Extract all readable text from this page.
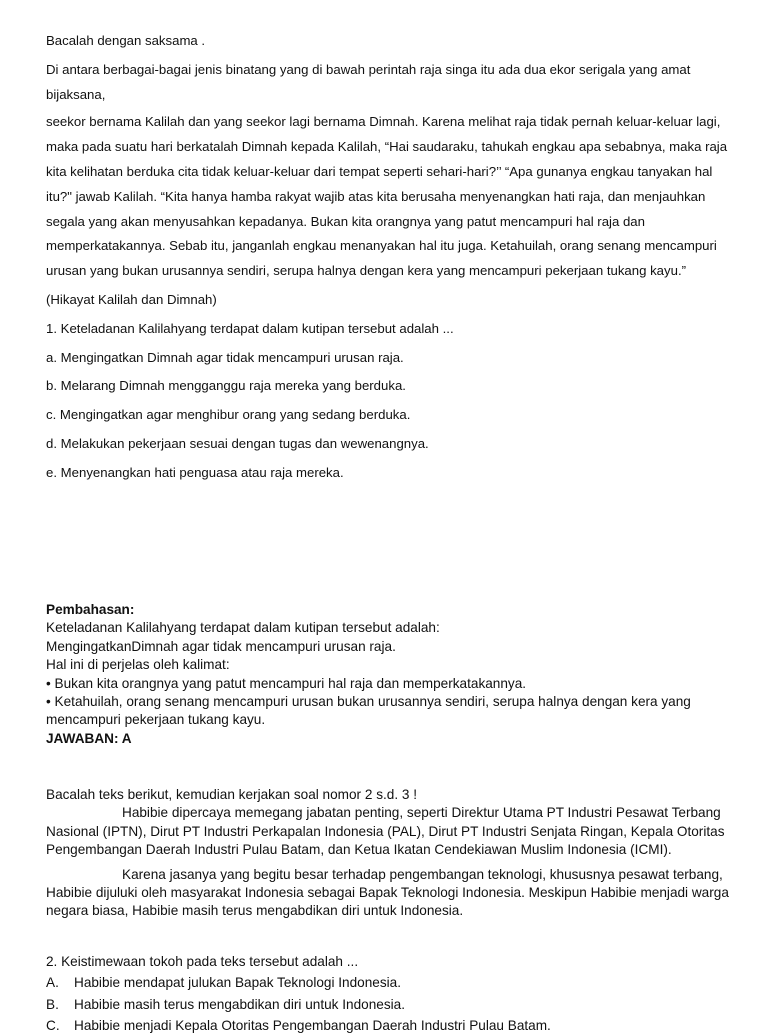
Bacalah dengan saksama .

Di antara berbagai-bagai jenis binatang yang di bawah perintah raja singa itu ada dua ekor serigala yang amat bijaksana,

seekor bernama Kalilah dan yang seekor lagi bernama Dimnah. Karena melihat raja tidak pernah keluar-keluar lagi, maka pada suatu hari berkatalah Dimnah kepada Kalilah, “Hai saudaraku, tahukah engkau apa sebabnya, maka raja kita kelihatan berduka cita tidak keluar-keluar dari tempat seperti sehari-hari?’’ “Apa gunanya engkau tanyakan hal itu?" jawab Kalilah. “Kita hanya hamba rakyat wajib atas kita berusaha menyenangkan hati raja, dan menjauhkan segala yang akan menyusahkan kepadanya. Bukan kita orangnya yang patut mencampuri hal raja dan memperkatakannya. Sebab itu, janganlah engkau menanyakan hal itu juga. Ketahuilah, orang senang mencampuri urusan yang bukan urusannya sendiri, serupa halnya dengan kera yang mencampuri pekerjaan tukang kayu.”

(Hikayat Kalilah dan Dimnah)

1. Keteladanan Kalilahyang terdapat dalam kutipan tersebut adalah ...

a. Mengingatkan Dimnah agar tidak mencampuri urusan raja.

b. Melarang Dimnah mengganggu raja mereka yang berduka.

c. Mengingatkan agar menghibur orang yang sedang berduka.

d. Melakukan pekerjaan sesuai dengan tugas dan wewenangnya.

e. Menyenangkan hati penguasa atau raja mereka.

Pembahasan:

Keteladanan Kalilahyang terdapat dalam kutipan tersebut adalah:

MengingatkanDimnah agar tidak mencampuri urusan raja.

Hal ini di perjelas oleh kalimat:

• Bukan kita orangnya yang patut mencampuri hal raja dan memperkatakannya.

• Ketahuilah, orang senang mencampuri urusan bukan urusannya sendiri, serupa halnya dengan kera yang mencampuri pekerjaan tukang kayu.

JAWABAN: A

Bacalah teks berikut, kemudian kerjakan soal nomor 2 s.d. 3 !

Habibie dipercaya memegang jabatan penting, seperti Direktur Utama PT Industri Pesawat Terbang Nasional (IPTN), Dirut PT Industri Perkapalan Indonesia (PAL), Dirut PT Industri Senjata Ringan, Kepala Otoritas Pengembangan Daerah Industri Pulau Batam, dan Ketua Ikatan Cendekiawan Muslim Indonesia (ICMI).

Karena jasanya yang begitu besar terhadap pengembangan teknologi, khususnya pesawat terbang, Habibie dijuluki oleh masyarakat Indonesia sebagai Bapak Teknologi Indonesia. Meskipun Habibie menjadi warga negara biasa, Habibie masih terus mengabdikan diri untuk Indonesia.

2. Keistimewaan tokoh pada teks tersebut adalah ...

A.	Habibie mendapat julukan Bapak Teknologi Indonesia.
B.	Habibie masih terus mengabdikan diri untuk Indonesia.
C.	Habibie menjadi Kepala Otoritas Pengembangan Daerah Industri Pulau Batam.
